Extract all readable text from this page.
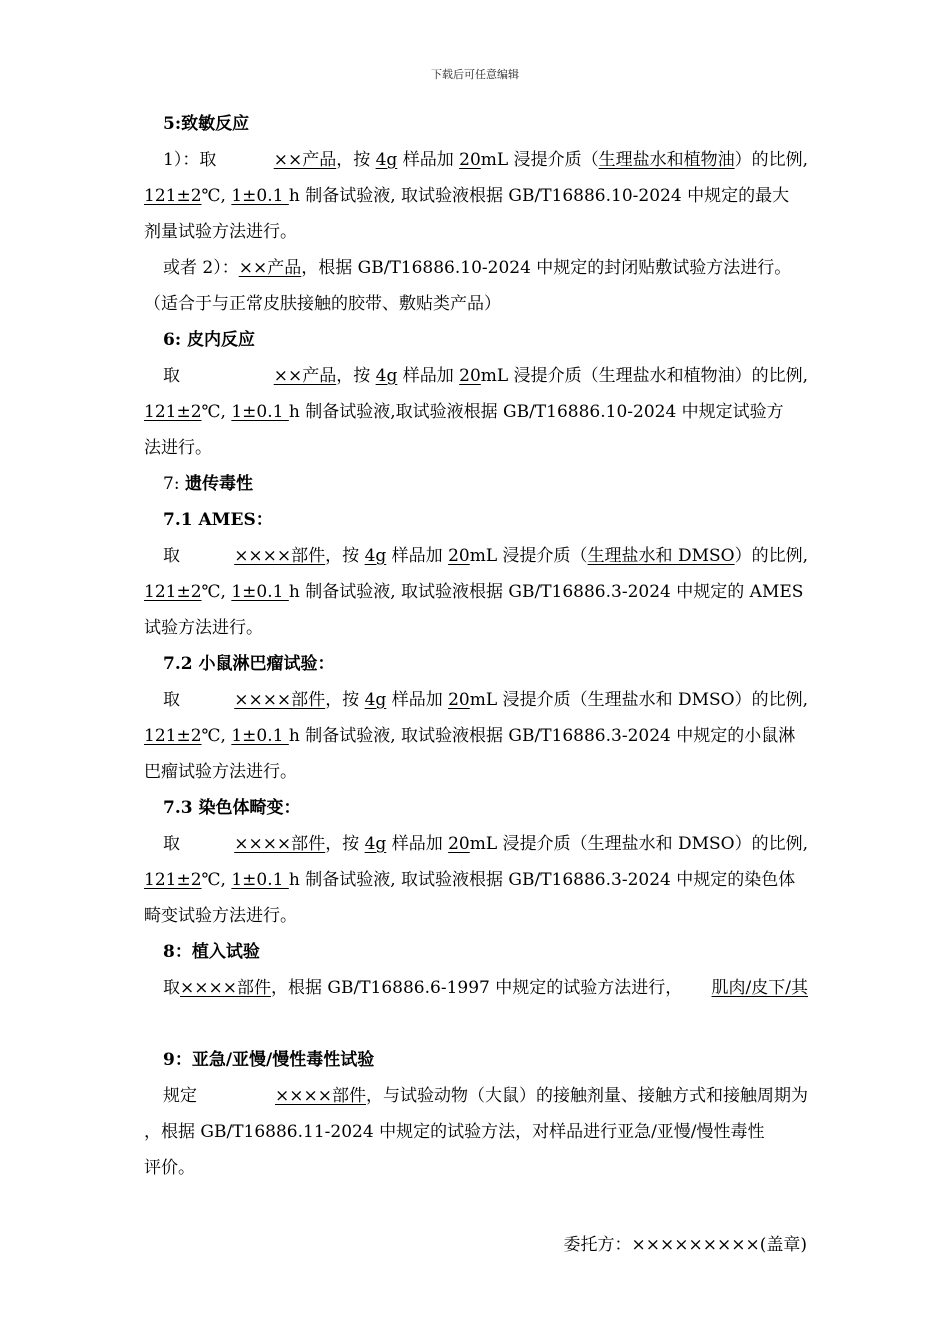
下载后可任意编辑
5:致敏反应
1）：取	××产品，按 4g 样品加 20mL 浸提介质（生理盐水和植物油）的比例,
121±2℃, 1±0.1 h 制备试验液, 取试验液根据 GB/T16886.10-2024 中规定的最大
剂量试验方法进行。
或者 2）：××产品，根据 GB/T16886.10-2024 中规定的封闭贴敷试验方法进行。
（适合于与正常皮肤接触的胶带、敷贴类产品）
6: 皮内反应
取	××产品，按 4g 样品加 20mL 浸提介质（生理盐水和植物油）的比例,
121±2℃, 1±0.1 h 制备试验液,取试验液根据 GB/T16886.10-2024 中规定试验方
法进行。
7: 遗传毒性
7.1 AMES：
取	××××部件，按 4g 样品加 20mL 浸提介质（生理盐水和 DMSO）的比例,
121±2℃, 1±0.1 h 制备试验液, 取试验液根据 GB/T16886.3-2024 中规定的 AMES
试验方法进行。
7.2 小鼠淋巴瘤试验：
取	××××部件，按 4g 样品加 20mL 浸提介质（生理盐水和 DMSO）的比例,
121±2℃, 1±0.1 h 制备试验液, 取试验液根据 GB/T16886.3-2024 中规定的小鼠淋
巴瘤试验方法进行。
7.3 染色体畸变：
取	××××部件，按 4g 样品加 20mL 浸提介质（生理盐水和 DMSO）的比例,
121±2℃, 1±0.1 h 制备试验液, 取试验液根据 GB/T16886.3-2024 中规定的染色体
畸变试验方法进行。
8：植入试验
取××××部件，根据 GB/T16886.6-1997 中规定的试验方法进行， 肌肉/皮下/其

9：亚急/亚慢/慢性毒性试验
规定	××××部件，与试验动物（大鼠）的接触剂量、接触方式和接触周期为
，根据 GB/T16886.11-2024 中规定的试验方法，对样品进行亚急/亚慢/慢性毒性
评价。
委托方：×××××××××(盖章)
